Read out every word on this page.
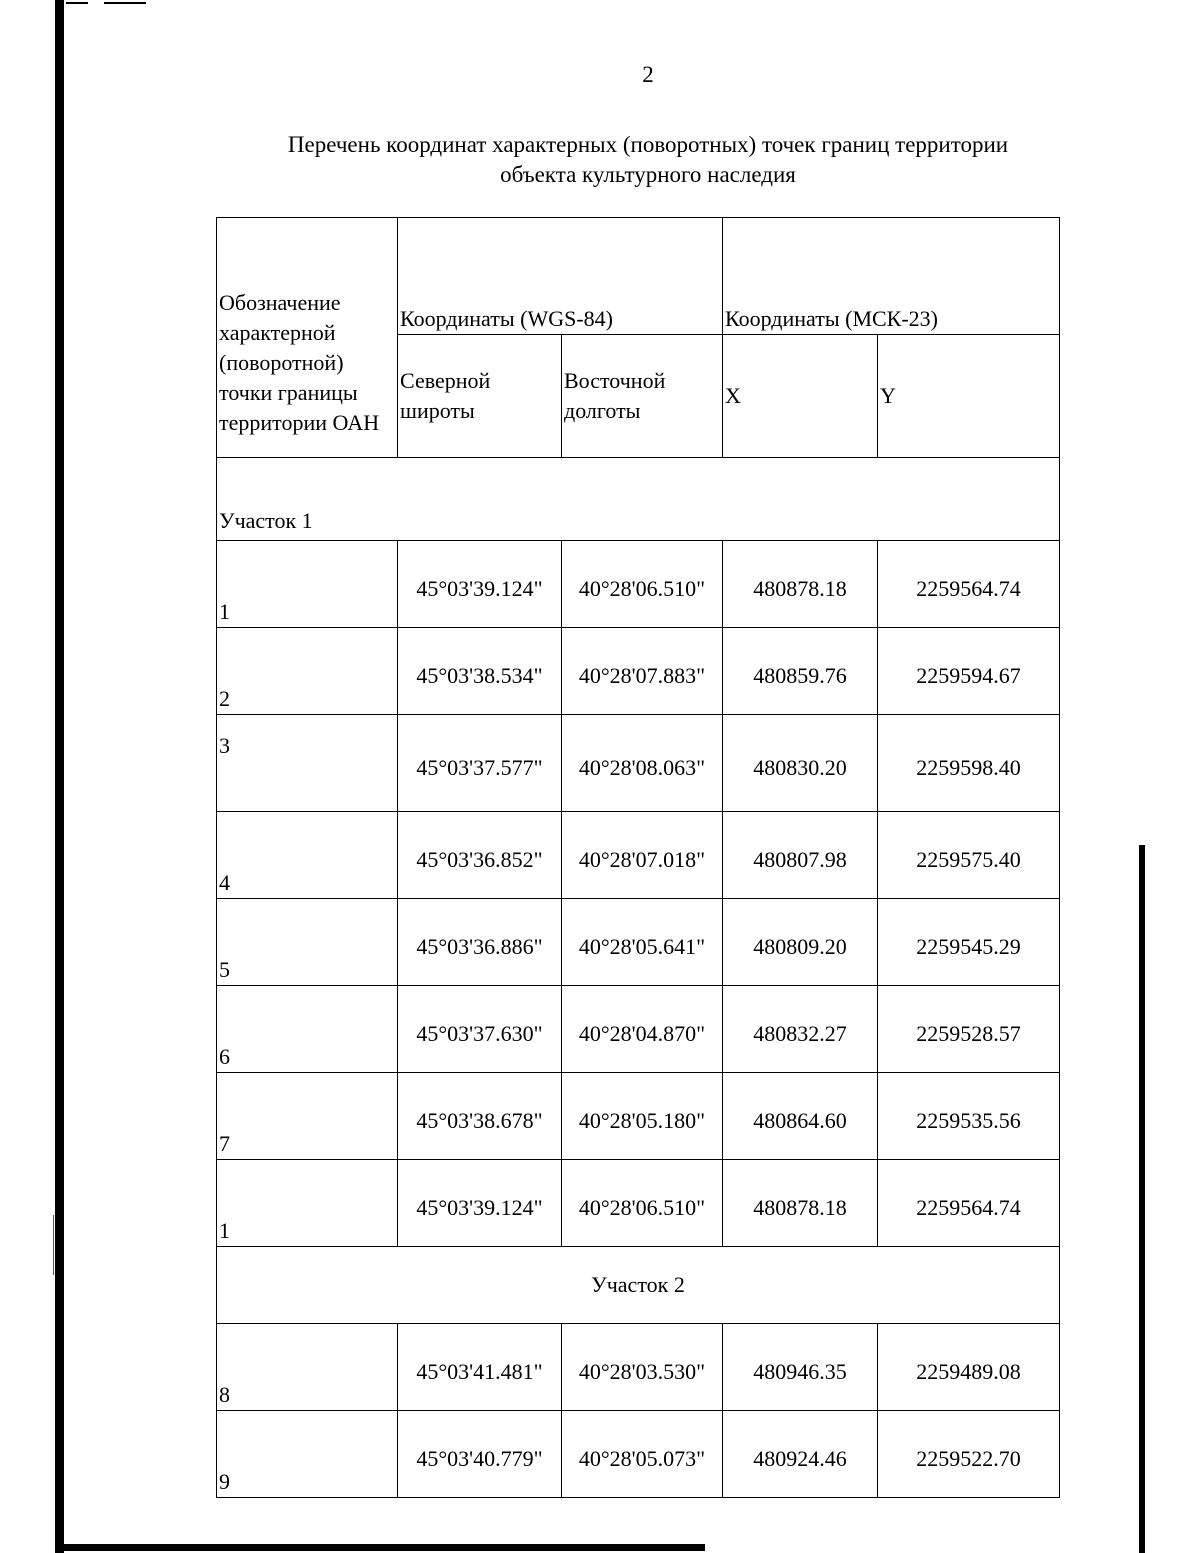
2
Перечень координат характерных (поворотных) точек границ территории
объекта культурного наследия
Обозначение характерной (поворотной) точки границы территории ОАН	Координаты (WGS-84)		Координаты (МСК-23)	
	Северной широты	Восточной долготы	X	Y
Участок 1				
1	45°03'39.124"	40°28'06.510"	480878.18	2259564.74
2	45°03'38.534"	40°28'07.883"	480859.76	2259594.67
3	45°03'37.577"	40°28'08.063"	480830.20	2259598.40
4	45°03'36.852"	40°28'07.018"	480807.98	2259575.40
5	45°03'36.886"	40°28'05.641"	480809.20	2259545.29
6	45°03'37.630"	40°28'04.870"	480832.27	2259528.57
7	45°03'38.678"	40°28'05.180"	480864.60	2259535.56
1	45°03'39.124"	40°28'06.510"	480878.18	2259564.74
Участок 2				
8	45°03'41.481"	40°28'03.530"	480946.35	2259489.08
9	45°03'40.779"	40°28'05.073"	480924.46	2259522.70
